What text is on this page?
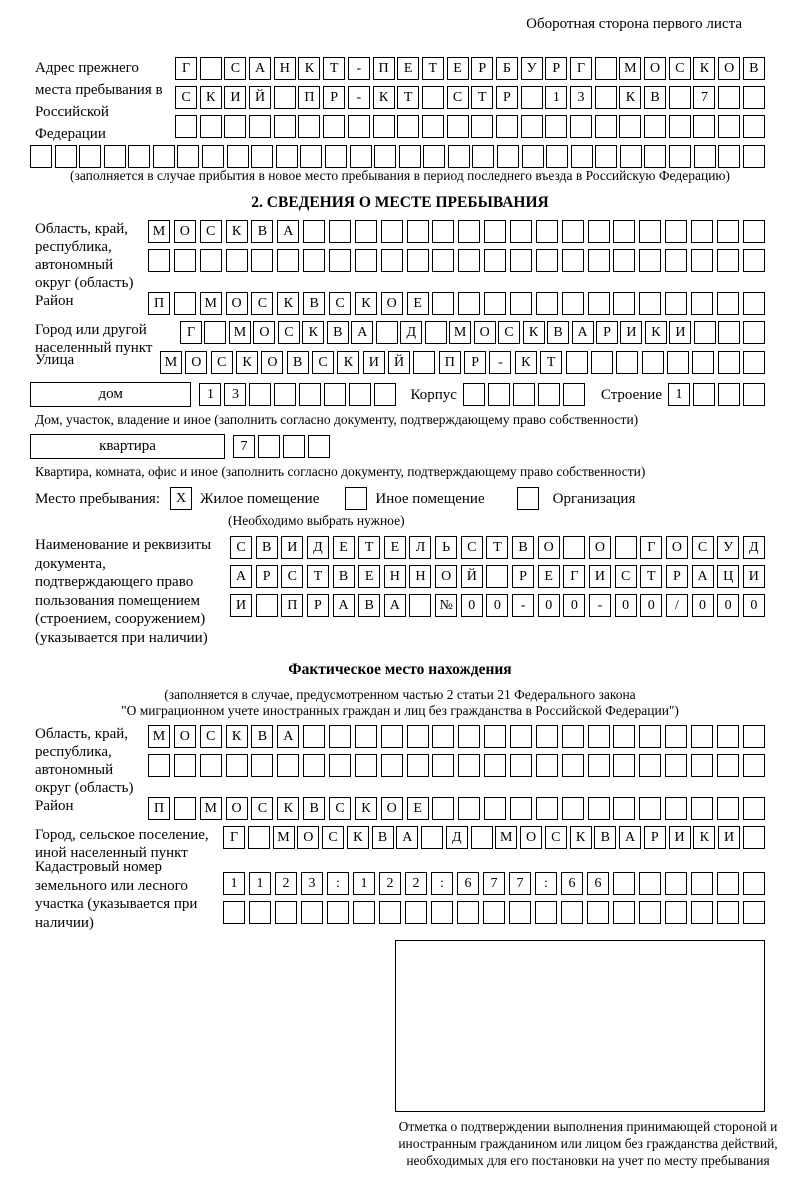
Оборотная сторона первого листа
Адрес прежнего места пребывания в Российской Федерации
Г	С	А	Н	К	Т	-	П	Е	Т	Е	Р	Б	У	Р	Г	М О	С	К	О	В
С	К	И	Й	П	Р	-	К	Т	С	Т	Р	1	3	К	В	7
(заполняется в случае прибытия в новое место пребывания в период последнего въезда в Российскую Федерацию)
2. СВЕДЕНИЯ О МЕСТЕ ПРЕБЫВАНИЯ
Область, край, республика, автономный округ (область)
М	О	С	К	В	А
Район	П	М	О	С	К	В	С	К	О	Е
Город или другой населенный пункт
Г	М О	С	К	В	А	Д	М О	С	К	В	А	Р	И	К	И
Улица	М	О	С	К	О	В	С	К	И	Й	П	Р	-	К	Т
дом	1	3	Корпус	Строение 1
Дом, участок, владение и иное (заполнить согласно документу, подтверждающему право собственности)
квартира	7
Квартира, комната, офис и иное (заполнить согласно документу, подтверждающему право собственности)
Место пребывания:	X Жилое помещение	Иное помещение	Организация
(Необходимо выбрать нужное)
Наименование и реквизиты документа, подтверждающего право пользования помещением (строением, сооружением) (указывается при наличии)
С	В	И	Д	Е	Т	Е	Л	Ь	С	Т	В	О	О	Г	О	С	У	Д
А	Р	С	Т	В	Е	Н	Н	О	Й	Р	Е	Г	И	С	Т	Р	А	Ц	И
И	П	Р	А	В	А	№	0	0	-	0	0	-	0	0	/	0	0	0
Фактическое место нахождения
(заполняется в случае, предусмотренном частью 2 статьи 21 Федерального закона
"О миграционном учете иностранных граждан и лиц без гражданства в Российской Федерации")
Область, край, республика, автономный округ (область)
М	О	С	К	В	А
Район	П	М	О	С	К	В	С	К	О	Е
Город, сельское поселение, иной населенный пункт
Г	М О	С	К	В	А	Д	М О	С	К	В	А	Р	И	К	И
Кадастровый номер земельного или лесного участка (указывается при наличии)
1	1	2	3	:	1	2	2	:	6	7	7	:	6	6
Отметка о подтверждении выполнения принимающей стороной и иностранным гражданином или лицом без гражданства действий, необходимых для его постановки на учет по месту пребывания
